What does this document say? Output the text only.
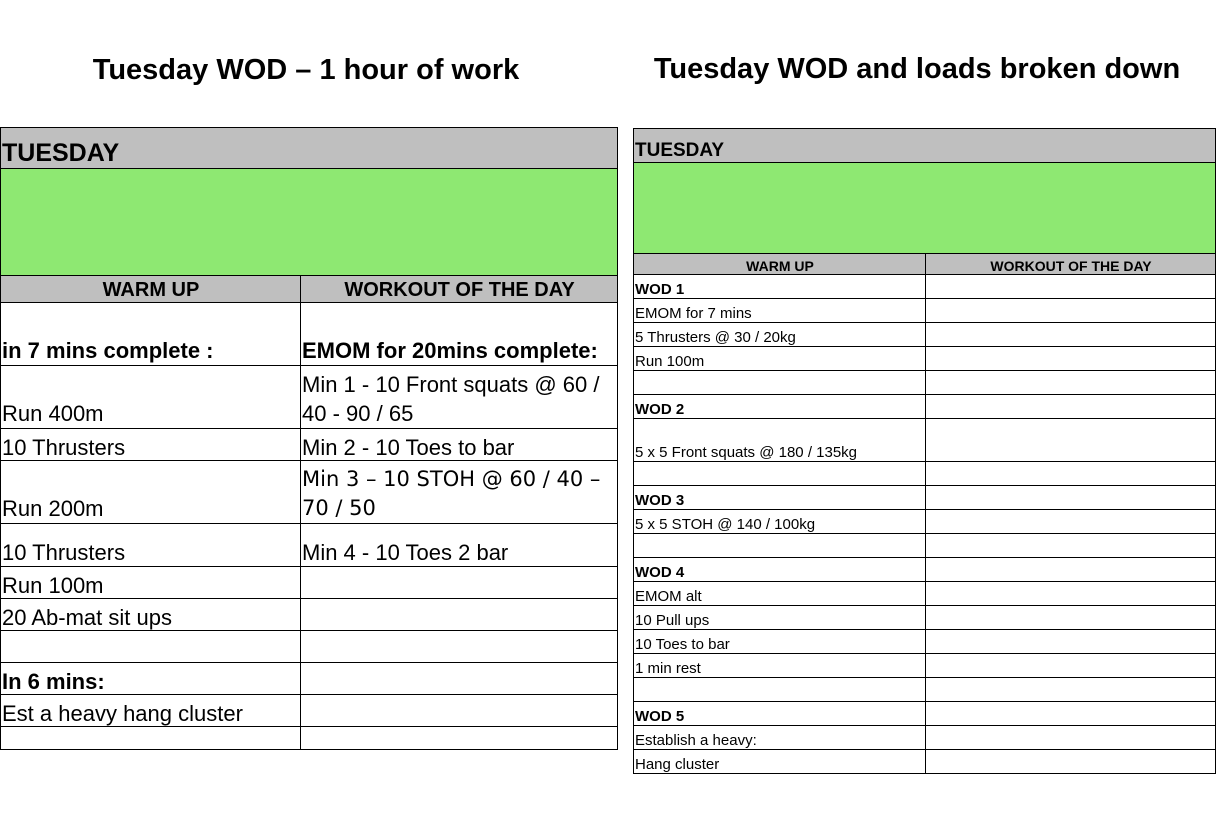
Tuesday WOD – 1 hour of work	Tuesday WOD and loads broken down
TUESDAY	

WARM UP	WORKOUT OF THE DAY
in 7 mins complete :	EMOM for 20mins complete:
Run 400m	Min 1 - 10 Front squats @ 60 / 40 - 90 / 65
10 Thrusters	Min 2 - 10 Toes to bar
Run 200m	Min 3 – 10 STOH @ 60 / 40 – 70 / 50
10 Thrusters	Min 4 - 10 Toes 2 bar
Run 100m	
20 Ab-mat sit ups	

In 6 mins:	
Est a heavy hang cluster	

TUESDAY	

WARM UP	WORKOUT OF THE DAY
WOD 1	
EMOM for 7 mins	
5 Thrusters @ 30 / 20kg	
Run 100m	

WOD 2	
5 x 5 Front squats @ 180 / 135kg	

WOD 3	
5 x 5 STOH @ 140 / 100kg	

WOD 4	
EMOM alt	
10 Pull ups	
10 Toes to bar	
1 min rest	

WOD 5	
Establish a heavy:	
Hang cluster	
